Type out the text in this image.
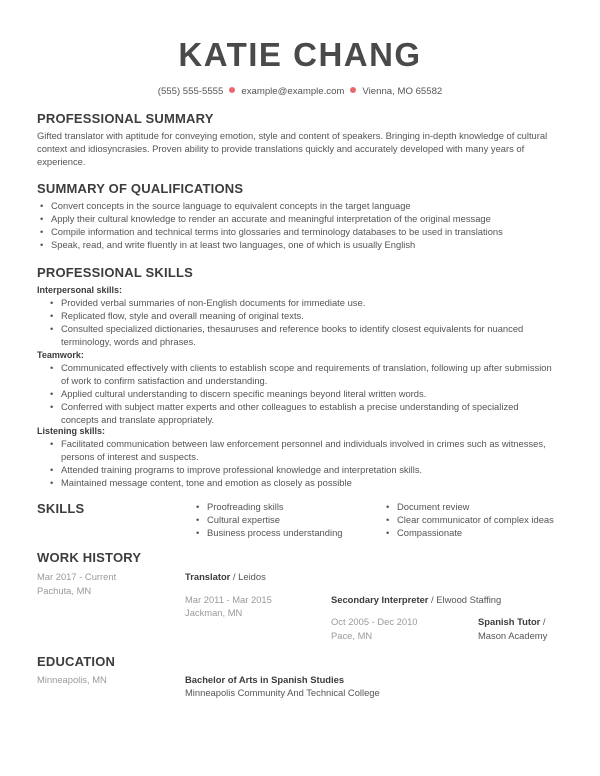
KATIE CHANG
(555) 555-5555 example@example.com Vienna, MO 65582
PROFESSIONAL SUMMARY
Gifted translator with aptitude for conveying emotion, style and content of speakers. Bringing in-depth knowledge of cultural
context and idiosyncrasies. Proven ability to provide translations quickly and accurately developed with many years of
experience.
SUMMARY OF QUALIFICATIONS
• Convert concepts in the source language to equivalent concepts in the target language
• Apply their cultural knowledge to render an accurate and meaningful interpretation of the original message
• Compile information and technical terms into glossaries and terminology databases to be used in translations
• Speak, read, and write fluently in at least two languages, one of which is usually English
PROFESSIONAL SKILLS
Interpersonal skills:
• Provided verbal summaries of non-English documents for immediate use.
• Replicated flow, style and overall meaning of original texts.
• Consulted specialized dictionaries, thesauruses and reference books to identify closest equivalents for nuanced
terminology, words and phrases.
Teamwork:
• Communicated effectively with clients to establish scope and requirements of translation, following up after submission
of work to confirm satisfaction and understanding.
• Applied cultural understanding to discern specific meanings beyond literal written words.
• Conferred with subject matter experts and other colleagues to establish a precise understanding of specialized
concepts and translate appropriately.
Listening skills:
• Facilitated communication between law enforcement personnel and individuals involved in crimes such as witnesses,
persons of interest and suspects.
• Attended training programs to improve professional knowledge and interpretation skills.
• Maintained message content, tone and emotion as closely as possible
SKILLS
•	Proofreading skills
• Cultural expertise
• Business process understanding
• Document review
• Clear communicator of complex ideas
• Compassionate
WORK HISTORY
Mar 2017 - Current
Pachuta, MN
Translator / Leidos
Mar 2011 - Mar 2015
Jackman, MN
Secondary Interpreter / Elwood Staffing
Oct 2005 - Dec 2010
Pace, MN
Spanish Tutor /
Mason Academy
EDUCATION
Minneapolis, MN	Bachelor of Arts in Spanish Studies
Minneapolis Community And Technical College
